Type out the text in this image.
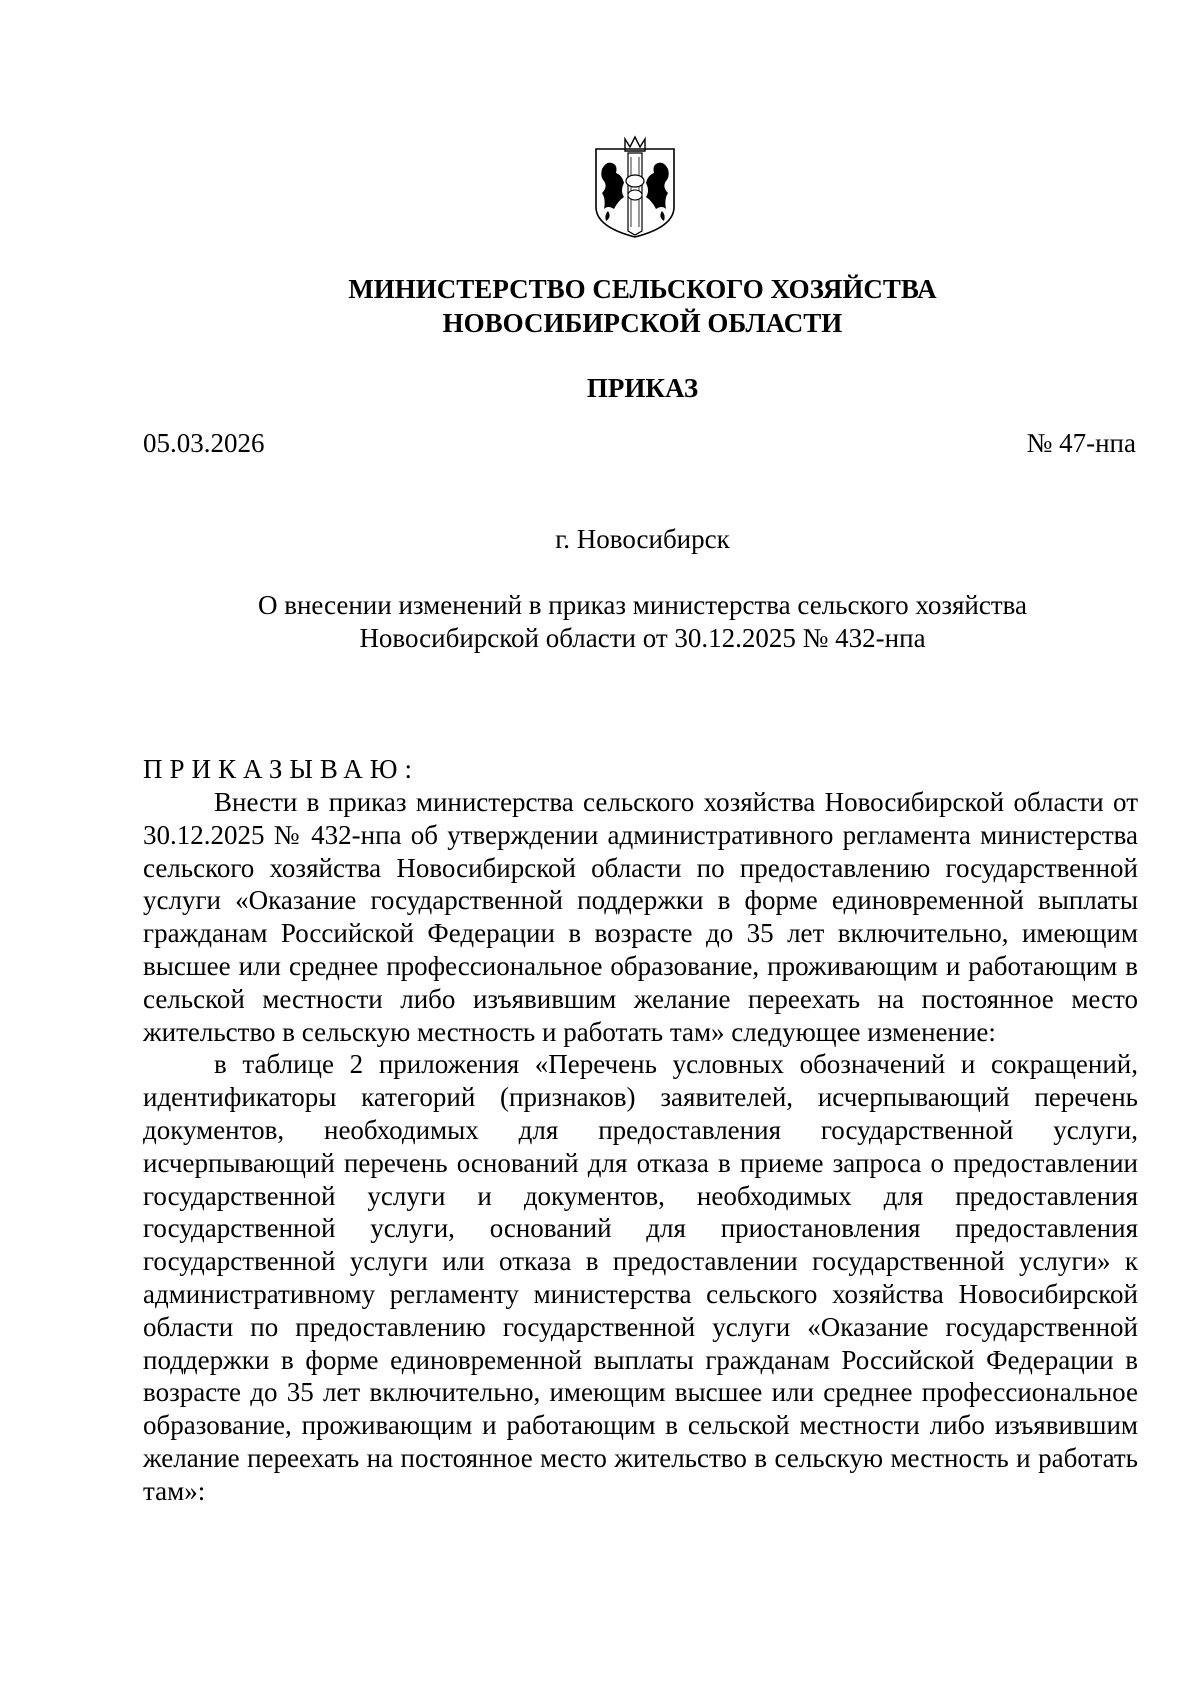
МИНИСТЕРСТВО СЕЛЬСКОГО ХОЗЯЙСТВА
НОВОСИБИРСКОЙ ОБЛАСТИ
ПРИКАЗ
05.03.2026	№ 47-нпа
г. Новосибирск
О внесении изменений в приказ министерства сельского хозяйства
Новосибирской области от 30.12.2025 № 432-нпа
ПРИКАЗЫВАЮ:

Внести в приказ министерства сельского хозяйства Новосибирской области от 30.12.2025 № 432-нпа об утверждении административного регламента министерства сельского хозяйства Новосибирской области по предоставлению государственной услуги «Оказание государственной поддержки в форме единовременной выплаты гражданам Российской Федерации в возрасте до 35 лет включительно, имеющим высшее или среднее профессиональное образование, проживающим и работающим в сельской местности либо изъявившим желание переехать на постоянное место жительство в сельскую местность и работать там» следующее изменение:

в таблице 2 приложения «Перечень условных обозначений и сокращений, идентификаторы категорий (признаков) заявителей, исчерпывающий перечень документов, необходимых для предоставления государственной услуги, исчерпывающий перечень оснований для отказа в приеме запроса о предоставлении государственной услуги и документов, необходимых для предоставления государственной услуги, оснований для приостановления предоставления государственной услуги или отказа в предоставлении государственной услуги» к административному регламенту министерства сельского хозяйства Новосибирской области по предоставлению государственной услуги «Оказание государственной поддержки в форме единовременной выплаты гражданам Российской Федерации в возрасте до 35 лет включительно, имеющим высшее или среднее профессиональное образование, проживающим и работающим в сельской местности либо изъявившим желание переехать на постоянное место жительство в сельскую местность и работать там»:
